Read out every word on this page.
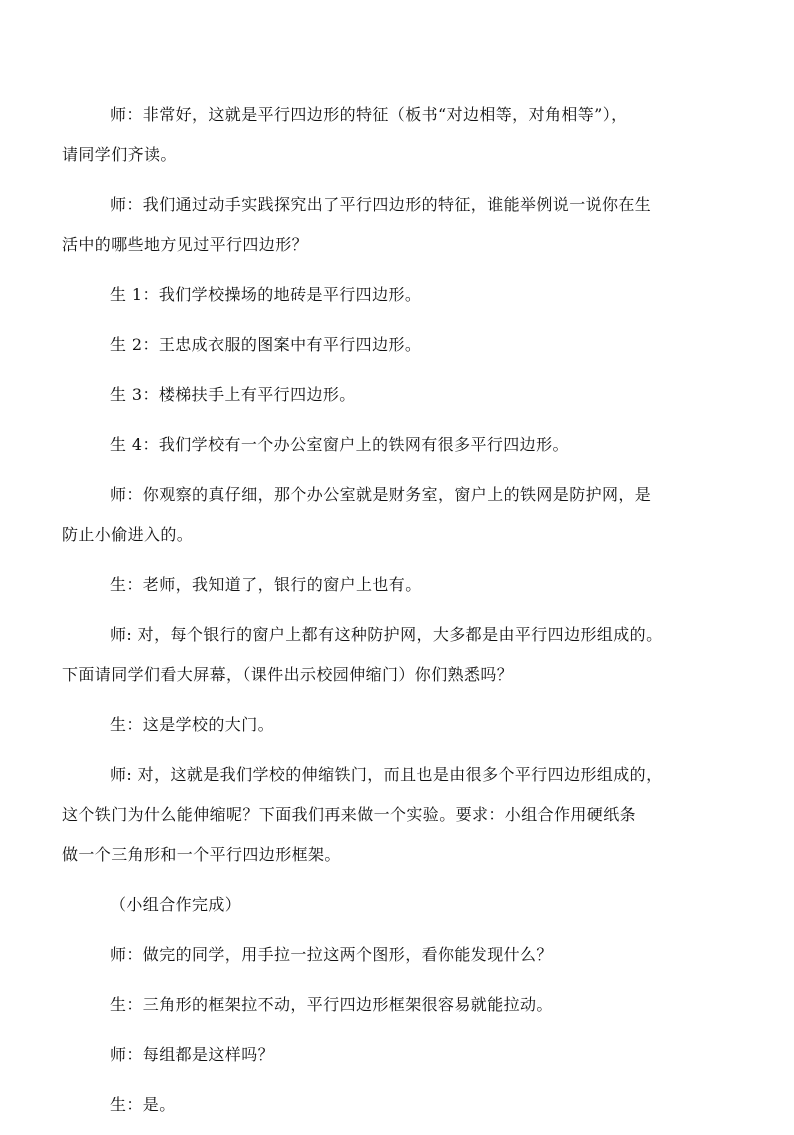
师：非常好，这就是平行四边形的特征（板书“对边相等，对角相等”），
请同学们齐读。

师：我们通过动手实践探究出了平行四边形的特征，谁能举例说一说你在生
活中的哪些地方见过平行四边形？

生 1：我们学校操场的地砖是平行四边形。

生 2：王忠成衣服的图案中有平行四边形。

生 3：楼梯扶手上有平行四边形。

生 4：我们学校有一个办公室窗户上的铁网有很多平行四边形。

师：你观察的真仔细，那个办公室就是财务室，窗户上的铁网是防护网，是
防止小偷进入的。

生：老师，我知道了，银行的窗户上也有。

师: 对，每个银行的窗户上都有这种防护网，大多都是由平行四边形组成的。
下面请同学们看大屏幕，（课件出示校园伸缩门）你们熟悉吗？

生：这是学校的大门。

师: 对，这就是我们学校的伸缩铁门，而且也是由很多个平行四边形组成的，
这个铁门为什么能伸缩呢？下面我们再来做一个实验。要求：小组合作用硬纸条
做一个三角形和一个平行四边形框架。

（小组合作完成）

师：做完的同学，用手拉一拉这两个图形，看你能发现什么？

生：三角形的框架拉不动，平行四边形框架很容易就能拉动。

师：每组都是这样吗？

生：是。
